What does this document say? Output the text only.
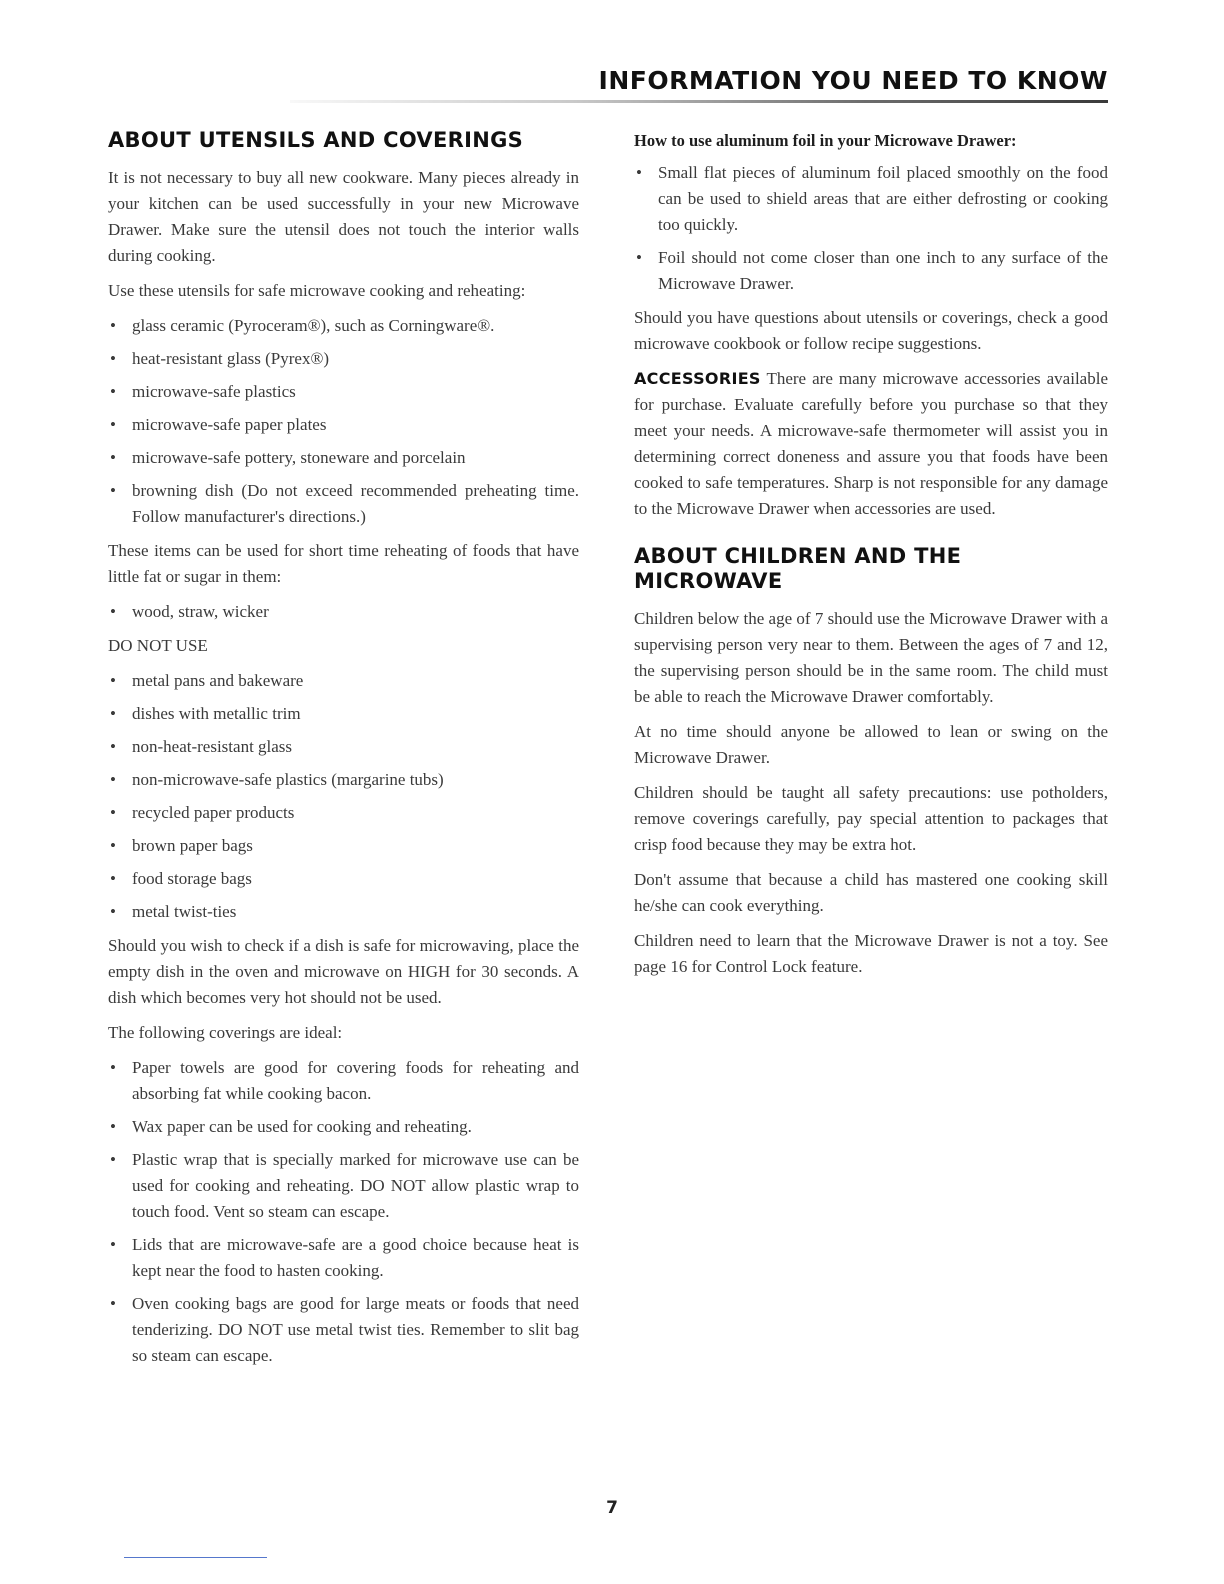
INFORMATION YOU NEED TO KNOW
ABOUT UTENSILS AND COVERINGS

It is not necessary to buy all new cookware. Many pieces already in your kitchen can be used successfully in your new Microwave Drawer. Make sure the utensil does not touch the interior walls during cooking.

Use these utensils for safe microwave cooking and reheating:

• glass ceramic (Pyroceram®), such as Corningware®.
• heat-resistant glass (Pyrex®)
• microwave-safe plastics
• microwave-safe paper plates
• microwave-safe pottery, stoneware and porcelain
• browning dish (Do not exceed recommended preheating time. Follow manufacturer's directions.)

These items can be used for short time reheating of foods that have little fat or sugar in them:

• wood, straw, wicker

DO NOT USE

• metal pans and bakeware
• dishes with metallic trim
• non-heat-resistant glass
• non-microwave-safe plastics (margarine tubs)
• recycled paper products
• brown paper bags
• food storage bags
• metal twist-ties

Should you wish to check if a dish is safe for microwaving, place the empty dish in the oven and microwave on HIGH for 30 seconds. A dish which becomes very hot should not be used.

The following coverings are ideal:

• Paper towels are good for covering foods for reheating and absorbing fat while cooking bacon.
• Wax paper can be used for cooking and reheating.
• Plastic wrap that is specially marked for microwave use can be used for cooking and reheating. DO NOT allow plastic wrap to touch food. Vent so steam can escape.
• Lids that are microwave-safe are a good choice because heat is kept near the food to hasten cooking.
• Oven cooking bags are good for large meats or foods that need tenderizing. DO NOT use metal twist ties. Remember to slit bag so steam can escape.
How to use aluminum foil in your Microwave Drawer:
• Small flat pieces of aluminum foil placed smoothly on the food can be used to shield areas that are either defrosting or cooking too quickly.
• Foil should not come closer than one inch to any surface of the Microwave Drawer.

Should you have questions about utensils or coverings, check a good microwave cookbook or follow recipe suggestions.

ACCESSORIES There are many microwave accessories available for purchase. Evaluate carefully before you purchase so that they meet your needs. A microwave-safe thermometer will assist you in determining correct doneness and assure you that foods have been cooked to safe temperatures. Sharp is not responsible for any damage to the Microwave Drawer when accessories are used.

ABOUT CHILDREN AND THE MICROWAVE

Children below the age of 7 should use the Microwave Drawer with a supervising person very near to them. Between the ages of 7 and 12, the supervising person should be in the same room. The child must be able to reach the Microwave Drawer comfortably.

At no time should anyone be allowed to lean or swing on the Microwave Drawer.

Children should be taught all safety precautions: use potholders, remove coverings carefully, pay special attention to packages that crisp food because they may be extra hot.

Don't assume that because a child has mastered one cooking skill he/she can cook everything.

Children need to learn that the Microwave Drawer is not a toy. See page 16 for Control Lock feature.

7
